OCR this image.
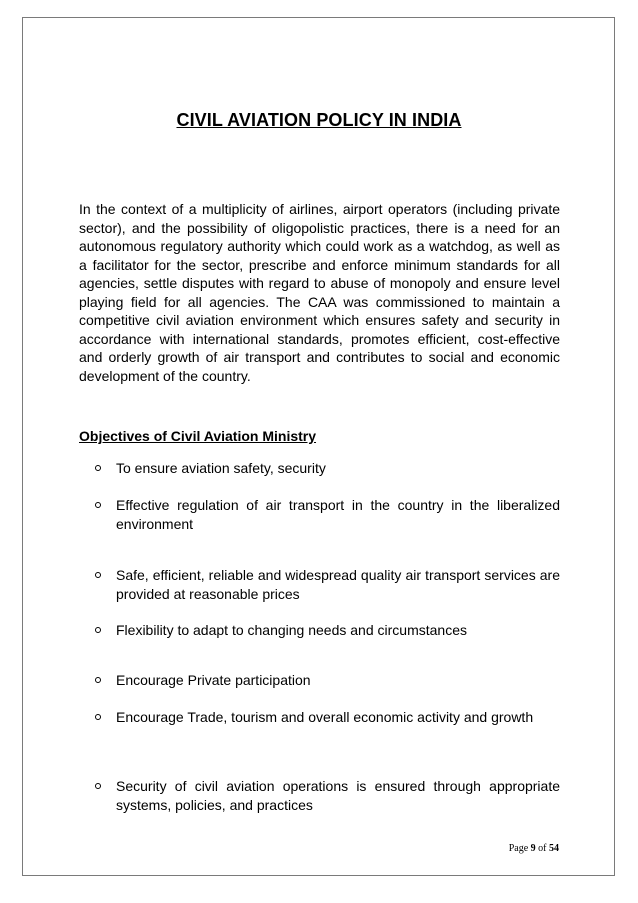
CIVIL AVIATION POLICY IN INDIA

In the context of a multiplicity of airlines, airport operators (including private sector), and the possibility of oligopolistic practices, there is a need for an autonomous regulatory authority which could work as a watchdog, as well as a facilitator for the sector, prescribe and enforce minimum standards for all agencies, settle disputes with regard to abuse of monopoly and ensure level playing field for all agencies. The CAA was commissioned to maintain a competitive civil aviation environment which ensures safety and security in accordance with international standards, promotes efficient, cost-effective and orderly growth of air transport and contributes to social and economic development of the country.

Objectives of Civil Aviation Ministry
To ensure aviation safety, security
Effective regulation of air transport in the country in the liberalized environment
Safe, efficient, reliable and widespread quality air transport services are provided at reasonable prices
Flexibility to adapt to changing needs and circumstances
Encourage Private participation
Encourage Trade, tourism and overall economic activity and growth
Security of civil aviation operations is ensured through appropriate systems, policies, and practices
Page 9 of 54
